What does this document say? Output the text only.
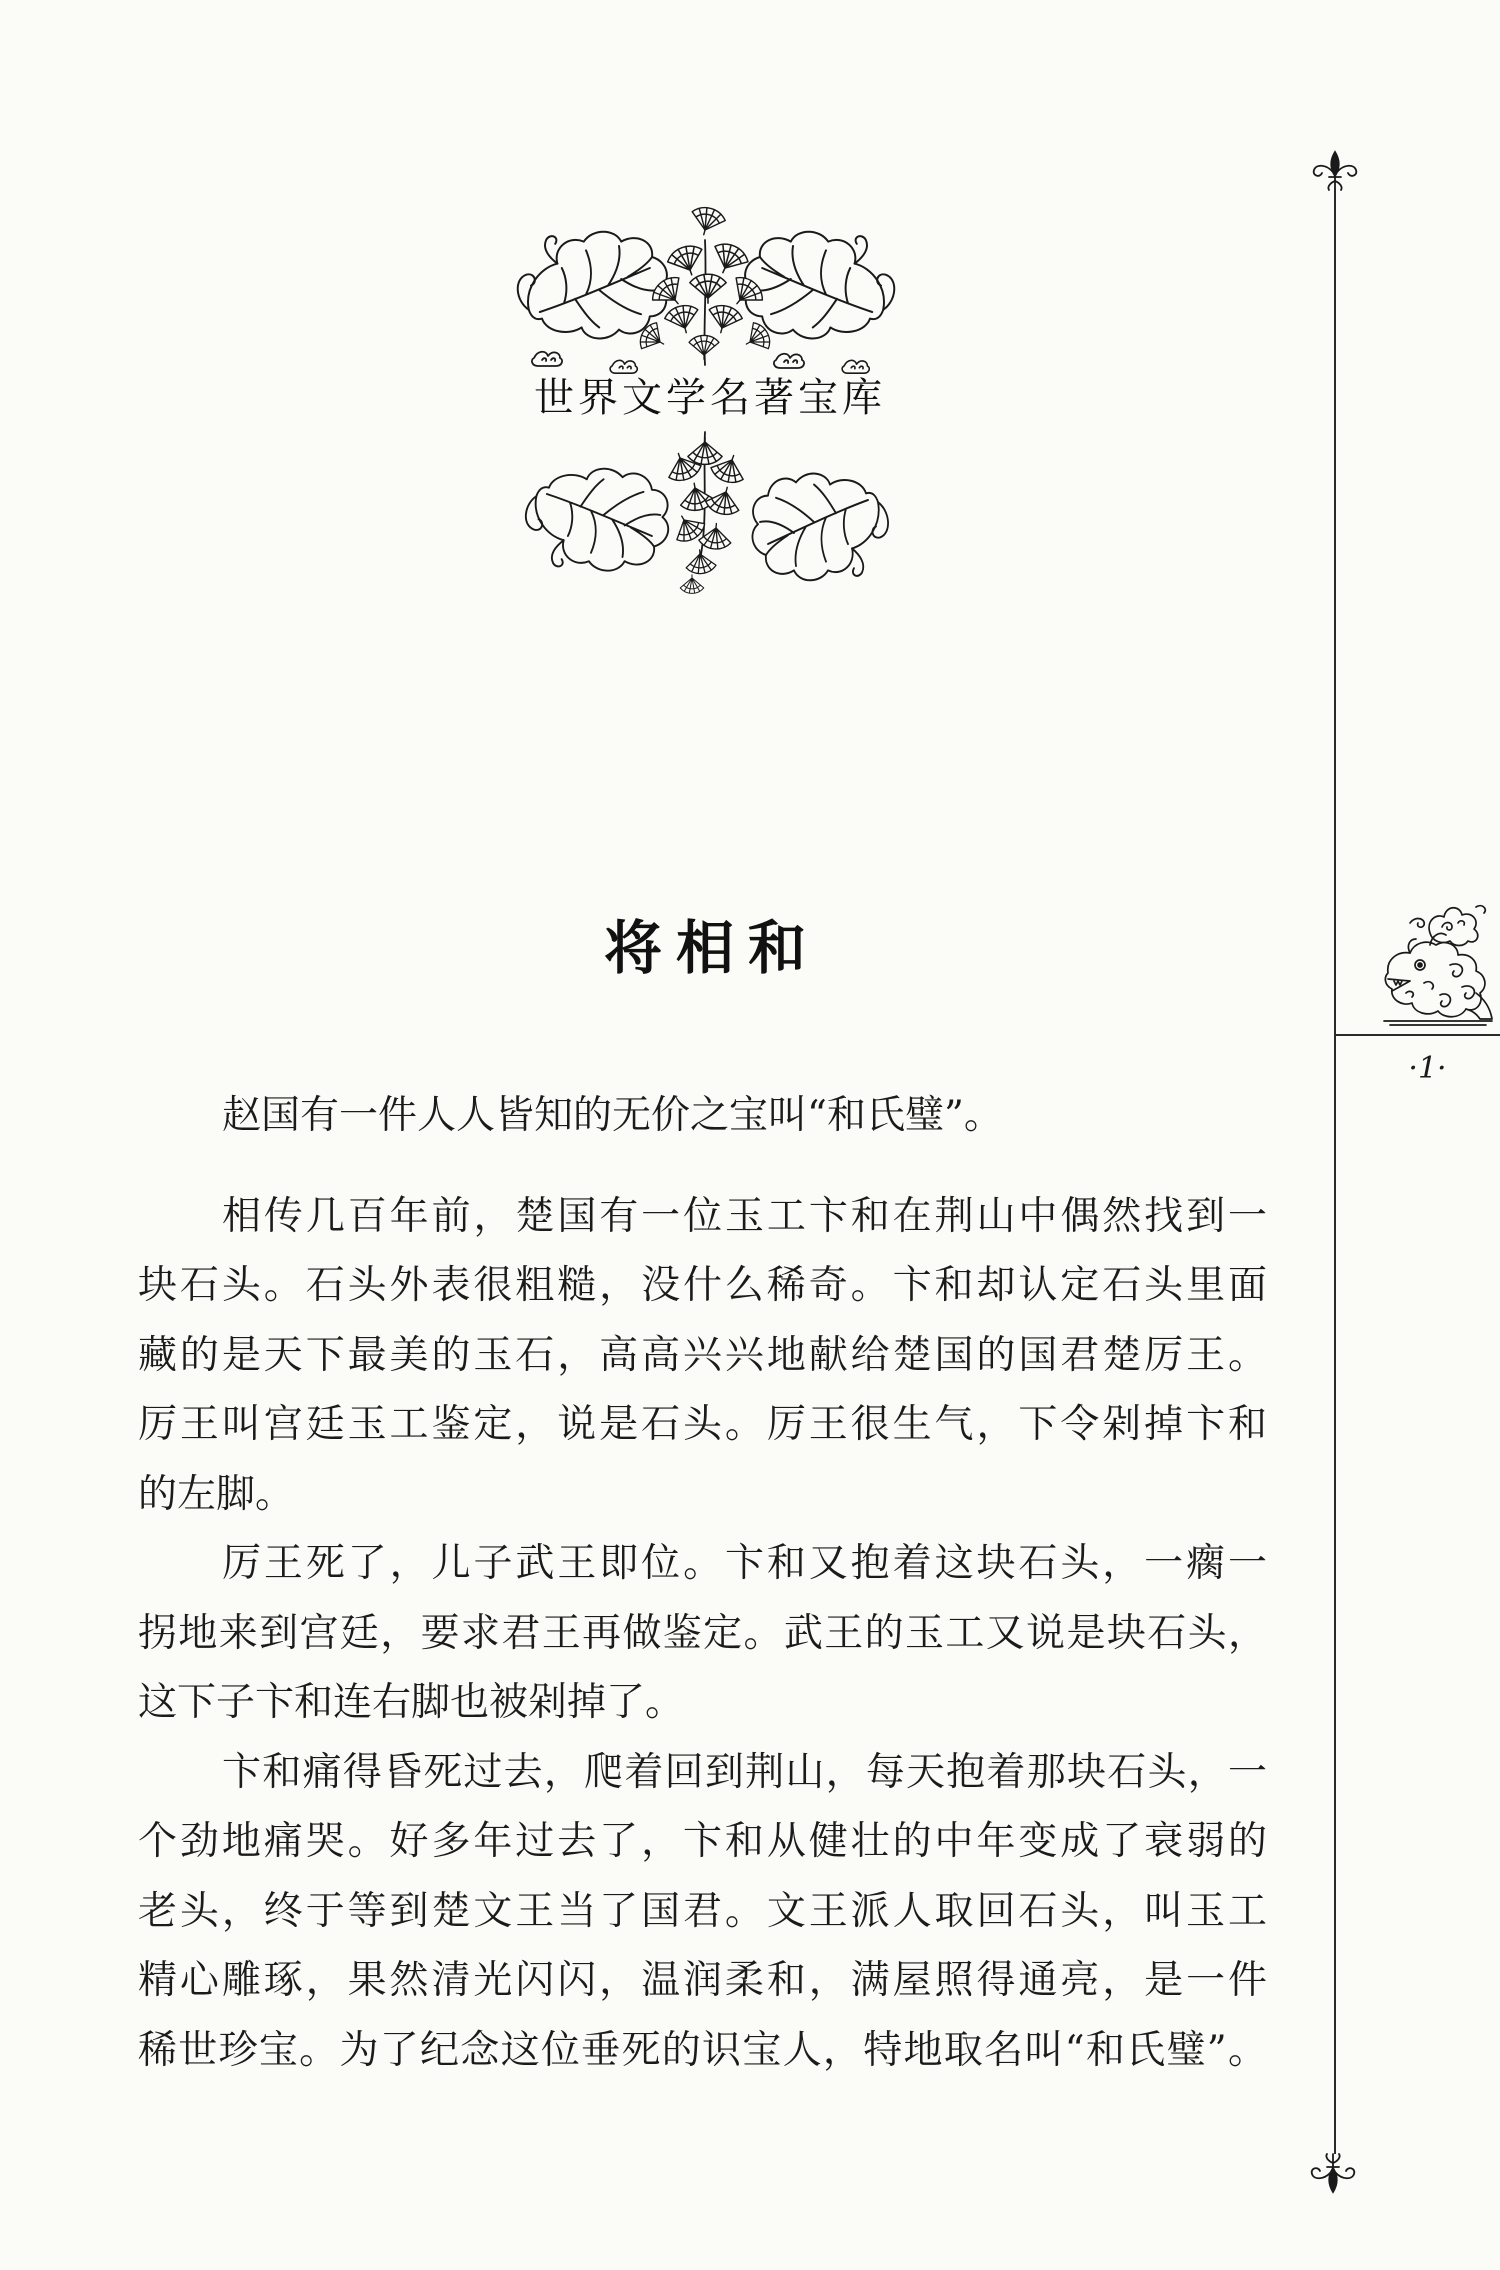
世界文学名著宝库
将相和
赵国有一件人人皆知的无价之宝叫“和氏璧”。
相传几百年前，楚国有一位玉工卞和在荆山中偶然找到一
块石头。石头外表很粗糙，没什么稀奇。卞和却认定石头里面
藏的是天下最美的玉石，高高兴兴地献给楚国的国君楚厉王。
厉王叫宫廷玉工鉴定，说是石头。厉王很生气，下令剁掉卞和
的左脚。
厉王死了，儿子武王即位。卞和又抱着这块石头，一瘸一
拐地来到宫廷，要求君王再做鉴定。武王的玉工又说是块石头，
这下子卞和连右脚也被剁掉了。
卞和痛得昏死过去，爬着回到荆山，每天抱着那块石头，一
个劲地痛哭。好多年过去了，卞和从健壮的中年变成了衰弱的
老头，终于等到楚文王当了国君。文王派人取回石头，叫玉工
精心雕琢，果然清光闪闪，温润柔和，满屋照得通亮，是一件
稀世珍宝。为了纪念这位垂死的识宝人，特地取名叫“和氏璧”。
·1·
